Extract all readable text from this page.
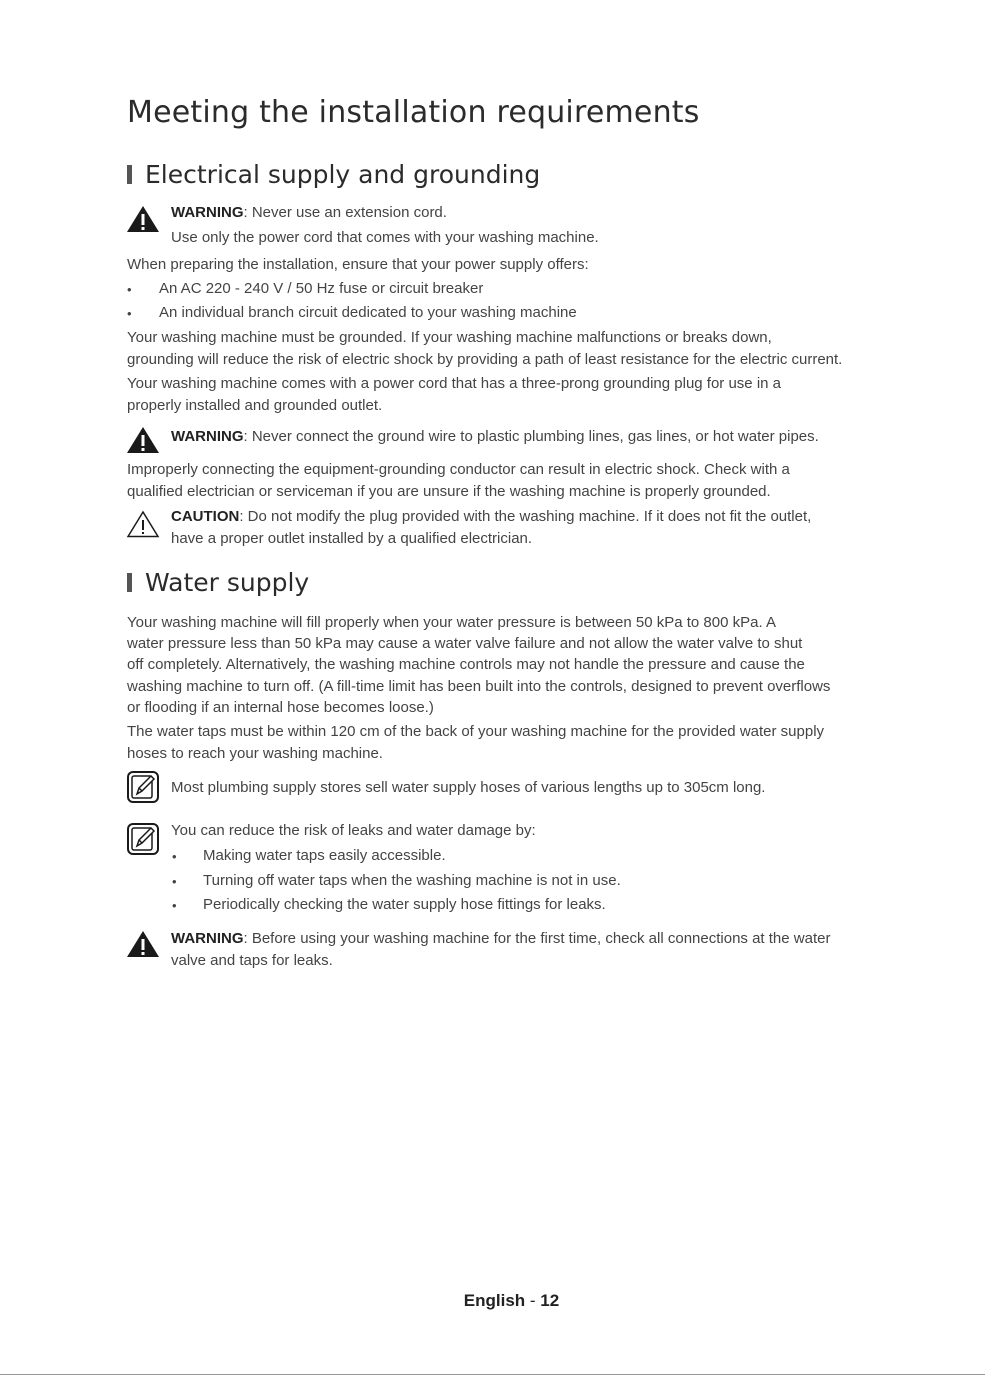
Meeting the installation requirements
Electrical supply and grounding

WARNING: Never use an extension cord.

Use only the power cord that comes with your washing machine.

When preparing the installation, ensure that your power supply offers:

• An AC 220 - 240 V / 50 Hz fuse or circuit breaker

• An individual branch circuit dedicated to your washing machine

Your washing machine must be grounded. If your washing machine malfunctions or breaks down,

grounding will reduce the risk of electric shock by providing a path of least resistance for the electric current.

Your washing machine comes with a power cord that has a three-prong grounding plug for use in a

properly installed and grounded outlet.

WARNING: Never connect the ground wire to plastic plumbing lines, gas lines, or hot water pipes.

Improperly connecting the equipment-grounding conductor can result in electric shock. Check with a

qualified electrician or serviceman if you are unsure if the washing machine is properly grounded.

CAUTION: Do not modify the plug provided with the washing machine. If it does not fit the outlet,

have a proper outlet installed by a qualified electrician.

Water supply

Your washing machine will fill properly when your water pressure is between 50 kPa to 800 kPa. A

water pressure less than 50 kPa may cause a water valve failure and not allow the water valve to shut

off completely. Alternatively, the washing machine controls may not handle the pressure and cause the

washing machine to turn off. (A fill-time limit has been built into the controls, designed to prevent overflows

or flooding if an internal hose becomes loose.)

The water taps must be within 120 cm of the back of your washing machine for the provided water supply

hoses to reach your washing machine.

Most plumbing supply stores sell water supply hoses of various lengths up to 305cm long.

You can reduce the risk of leaks and water damage by:

• Making water taps easily accessible.

• Turning off water taps when the washing machine is not in use.

• Periodically checking the water supply hose fittings for leaks.

WARNING: Before using your washing machine for the first time, check all connections at the water

valve and taps for leaks.

English - 12
